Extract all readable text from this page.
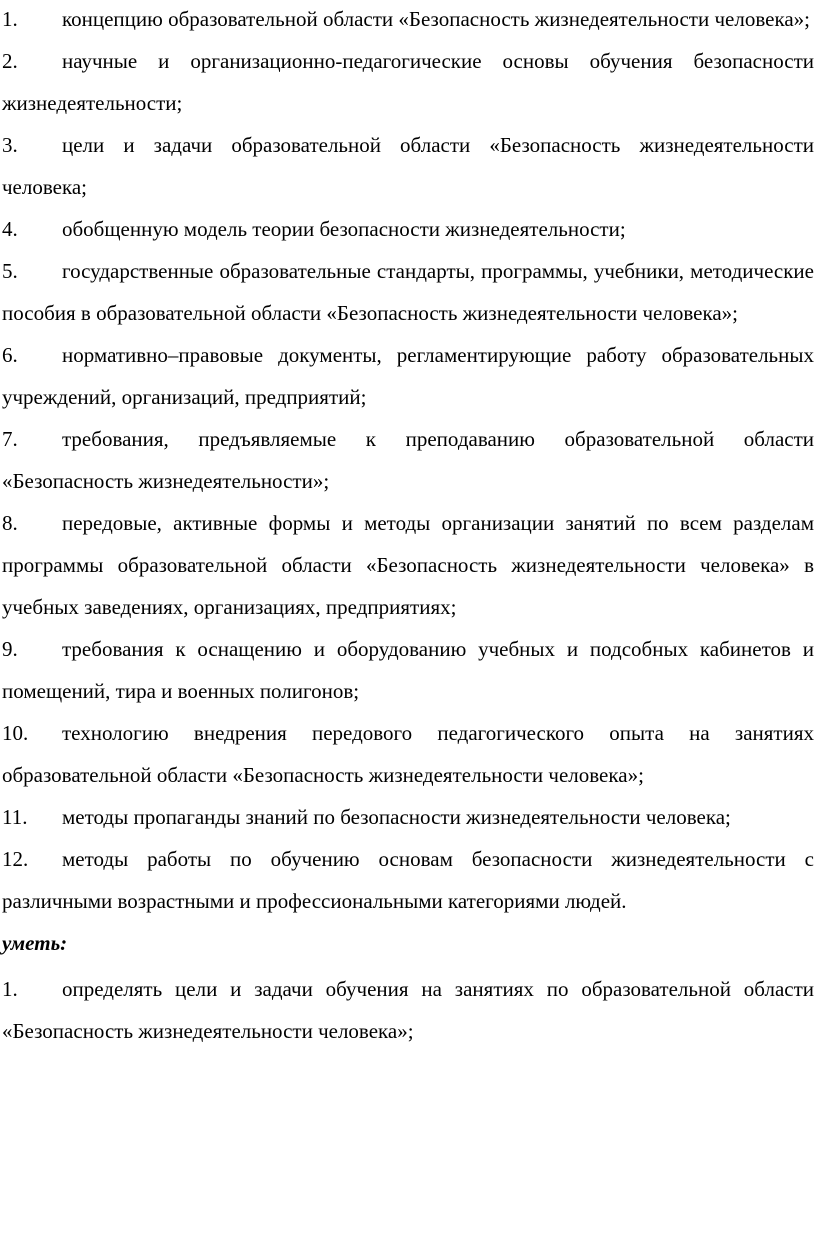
1. концепцию образовательной области «Безопасность жизнедеятельности человека»;

2. научные и организационно-педагогические основы обучения безопасности жизнедеятельности;

3. цели и задачи образовательной области «Безопасность жизнедеятельности человека;

4. обобщенную модель теории безопасности жизнедеятельности;

5. государственные образовательные стандарты, программы, учебники, методические пособия в образовательной области «Безопасность жизнедеятельности человека»;

6. нормативно–правовые документы, регламентирующие работу образовательных учреждений, организаций, предприятий;

7. требования, предъявляемые к преподаванию образовательной области «Безопасность жизнедеятельности»;

8. передовые, активные формы и методы организации занятий по всем разделам программы образовательной области «Безопасность жизнедеятельности человека» в учебных заведениях, организациях, предприятиях;

9. требования к оснащению и оборудованию учебных и подсобных кабинетов и помещений, тира и военных полигонов;

10. технологию внедрения передового педагогического опыта на занятиях образовательной области «Безопасность жизнедеятельности человека»;

11. методы пропаганды знаний по безопасности жизнедеятельности человека;

12. методы работы по обучению основам безопасности жизнедеятельности с различными возрастными и профессиональными категориями людей.

уметь:

1. определять цели и задачи обучения на занятиях по образовательной области «Безопасность жизнедеятельности человека»;
